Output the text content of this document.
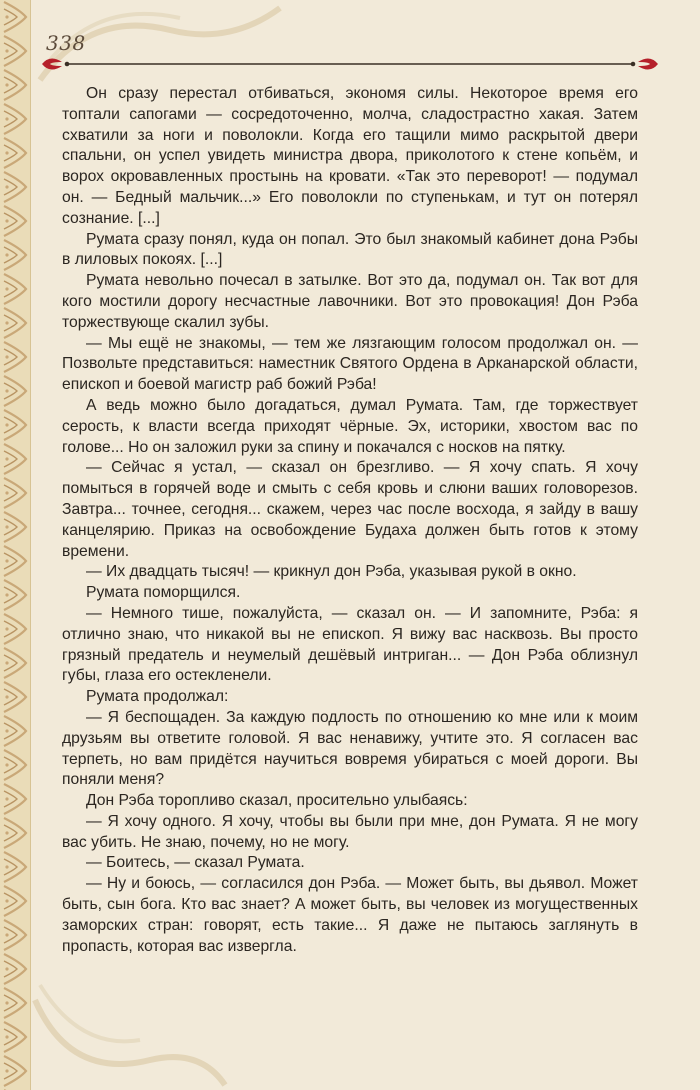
338

Он сразу перестал отбиваться, экономя силы. Некоторое время его топтали сапогами — сосредоточенно, молча, сладострастно хакая. Затем схватили за ноги и поволокли. Когда его тащили мимо раскрытой двери спальни, он успел увидеть министра двора, приколотого к стене копьём, и ворох окровавленных простынь на кровати. «Так это переворот! — подумал он. — Бедный мальчик...» Его поволокли по ступенькам, и тут он потерял сознание. [...]

Румата сразу понял, куда он попал. Это был знакомый кабинет дона Рэбы в лиловых покоях. [...]

Румата невольно почесал в затылке. Вот это да, подумал он. Так вот для кого мостили дорогу несчастные лавочники. Вот это провокация! Дон Рэба торжествующе скалил зубы.

— Мы ещё не знакомы, — тем же лязгающим голосом продолжал он. — Позвольте представиться: наместник Святого Ордена в Арканарской области, епископ и боевой магистр раб божий Рэба!

А ведь можно было догадаться, думал Румата. Там, где торжествует серость, к власти всегда приходят чёрные. Эх, историки, хвостом вас по голове... Но он заложил руки за спину и покачался с носков на пятку.

— Сейчас я устал, — сказал он брезгливо. — Я хочу спать. Я хочу помыться в горячей воде и смыть с себя кровь и слюни ваших головорезов. Завтра... точнее, сегодня... скажем, через час после восхода, я зайду в вашу канцелярию. Приказ на освобождение Будаха должен быть готов к этому времени.

— Их двадцать тысяч! — крикнул дон Рэба, указывая рукой в окно.

Румата поморщился.

— Немного тише, пожалуйста, — сказал он. — И запомните, Рэба: я отлично знаю, что никакой вы не епископ. Я вижу вас насквозь. Вы просто грязный предатель и неумелый дешёвый интриган... — Дон Рэба облизнул губы, глаза его остекленели.

Румата продолжал:

— Я беспощаден. За каждую подлость по отношению ко мне или к моим друзьям вы ответите головой. Я вас ненавижу, учтите это. Я согласен вас терпеть, но вам придётся научиться вовремя убираться с моей дороги. Вы поняли меня?

Дон Рэба торопливо сказал, просительно улыбаясь:

— Я хочу одного. Я хочу, чтобы вы были при мне, дон Румата. Я не могу вас убить. Не знаю, почему, но не могу.

— Боитесь, — сказал Румата.

— Ну и боюсь, — согласился дон Рэба. — Может быть, вы дьявол. Может быть, сын бога. Кто вас знает? А может быть, вы человек из могущественных заморских стран: говорят, есть такие... Я даже не пытаюсь заглянуть в пропасть, которая вас извергла.
